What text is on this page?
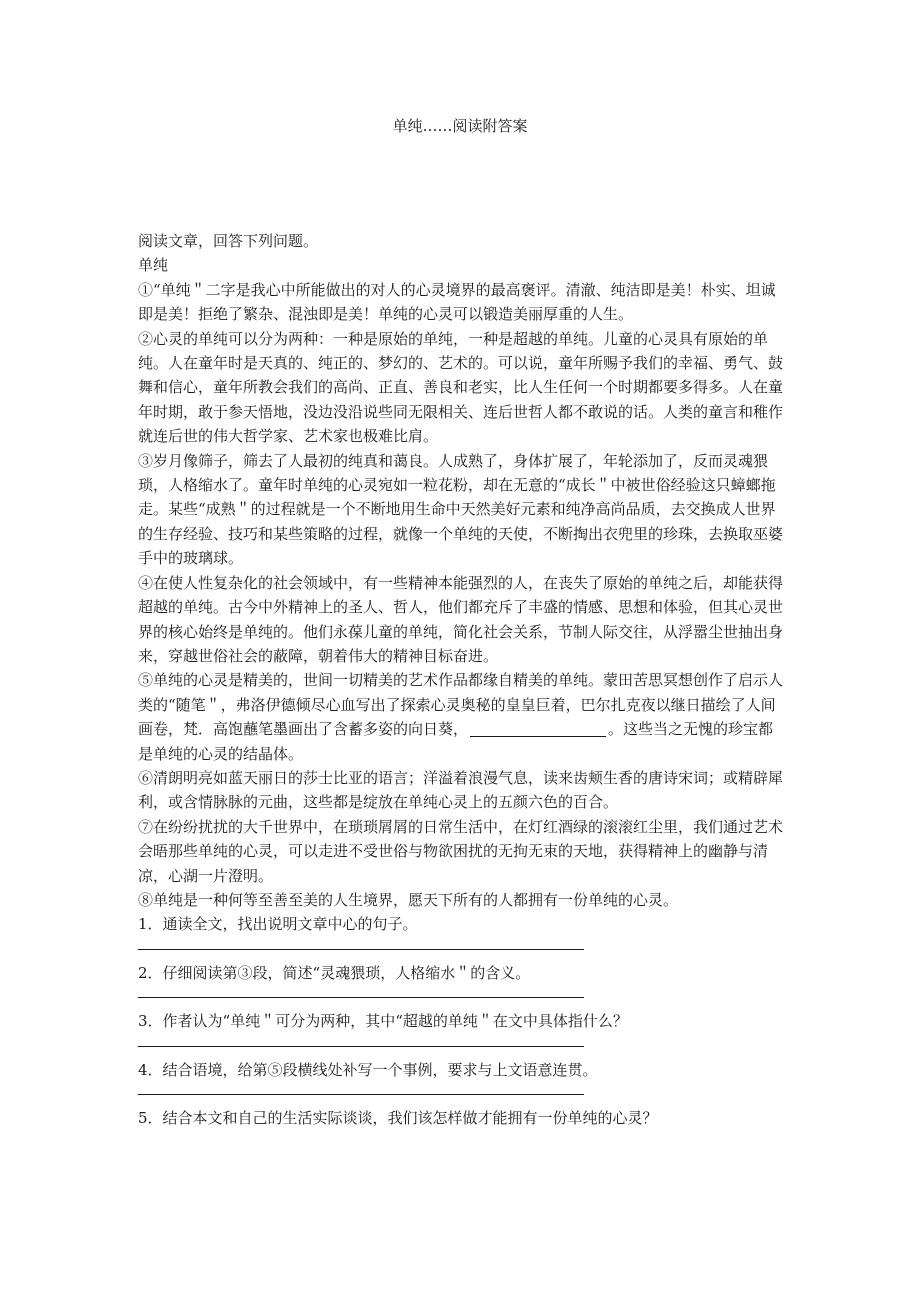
单纯……阅读附答案

阅读文章，回答下列问题。

单纯

①“单纯＂二字是我心中所能做出的对人的心灵境界的最高褒评。清澈、纯洁即是美！朴实、坦诚即是美！拒绝了繁杂、混浊即是美！单纯的心灵可以锻造美丽厚重的人生。

②心灵的单纯可以分为两种：一种是原始的单纯，一种是超越的单纯。儿童的心灵具有原始的单纯。人在童年时是天真的、纯正的、梦幻的、艺术的。可以说，童年所赐予我们的幸福、勇气、鼓舞和信心，童年所教会我们的高尚、正直、善良和老实，比人生任何一个时期都要多得多。人在童年时期，敢于参天悟地，没边没沿说些同无限相关、连后世哲人都不敢说的话。人类的童言和稚作就连后世的伟大哲学家、艺术家也极难比肩。

③岁月像筛子，筛去了人最初的纯真和蔼良。人成熟了，身体扩展了，年轮添加了，反而灵魂猥琐，人格缩水了。童年时单纯的心灵宛如一粒花粉，却在无意的“成长＂中被世俗经验这只蟑螂拖走。某些“成熟＂的过程就是一个不断地用生命中天然美好元素和纯净高尚品质，去交换成人世界的生存经验、技巧和某些策略的过程，就像一个单纯的天使，不断掏出衣兜里的珍珠，去换取巫婆手中的玻璃球。

④在使人性复杂化的社会领域中，有一些精神本能强烈的人，在丧失了原始的单纯之后，却能获得超越的单纯。古今中外精神上的圣人、哲人，他们都充斥了丰盛的情感、思想和体验，但其心灵世界的核心始终是单纯的。他们永葆儿童的单纯，简化社会关系，节制人际交往，从浮嚣尘世抽出身来，穿越世俗社会的蔽障，朝着伟大的精神目标奋进。

⑤单纯的心灵是精美的，世间一切精美的艺术作品都缘自精美的单纯。蒙田苦思冥想创作了启示人类的“随笔＂，弗洛伊德倾尽心血写出了探索心灵奥秘的皇皇巨着，巴尔扎克夜以继日描绘了人间画卷，梵．高饱蘸笔墨画出了含蓄多姿的向日葵，	。这些当之无愧的珍宝都是单纯的心灵的结晶体。

⑥清朗明亮如蓝天丽日的莎士比亚的语言；洋溢着浪漫气息，读来齿颊生香的唐诗宋词；或精辟犀利，或含情脉脉的元曲，这些都是绽放在单纯心灵上的五颜六色的百合。

⑦在纷纷扰扰的大千世界中，在琐琐屑屑的日常生活中，在灯红酒绿的滚滚红尘里，我们通过艺术会晤那些单纯的心灵，可以走进不受世俗与物欲困扰的无拘无束的天地，获得精神上的幽静与清凉，心湖一片澄明。

⑧单纯是一种何等至善至美的人生境界，愿天下所有的人都拥有一份单纯的心灵。

1．通读全文，找出说明文章中心的句子。

2．仔细阅读第③段，简述“灵魂猥琐，人格缩水＂的含义。

3．作者认为“单纯＂可分为两种，其中“超越的单纯＂在文中具体指什么？

4．结合语境，给第⑤段横线处补写一个事例，要求与上文语意连贯。

5．结合本文和自己的生活实际谈谈，我们该怎样做才能拥有一份单纯的心灵？
